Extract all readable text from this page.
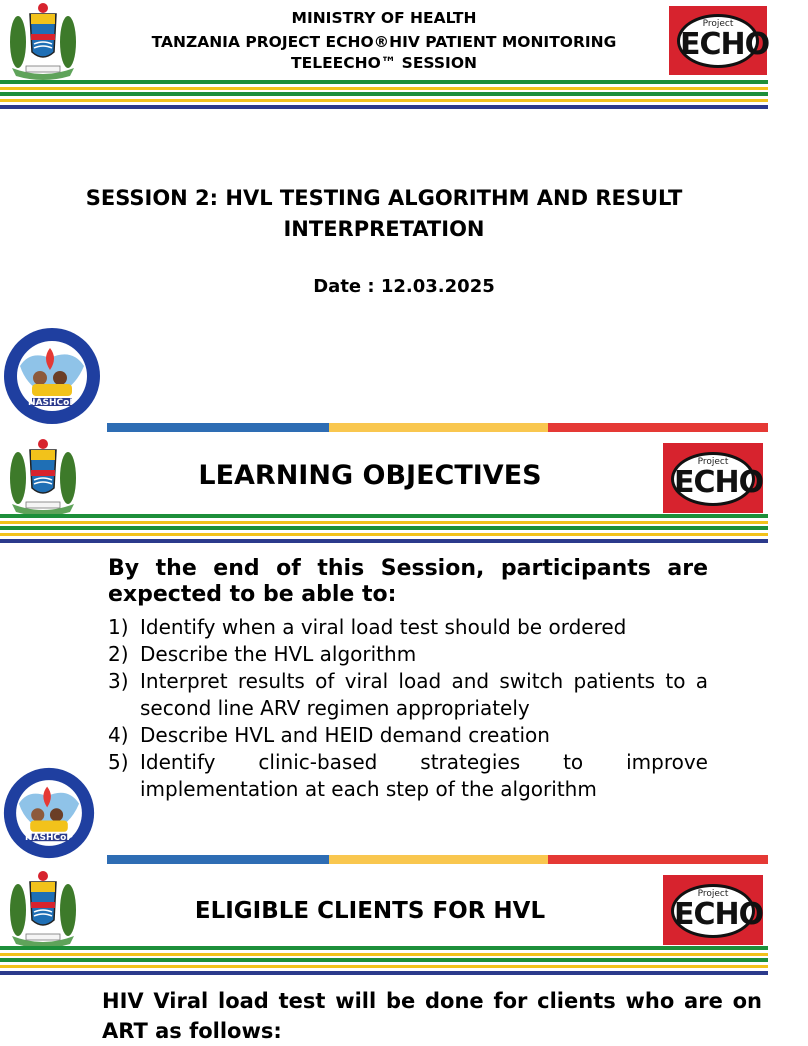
MINISTRY OF HEALTH
TANZANIA PROJECT ECHO®HIV PATIENT MONITORING
TELEECHO™ SESSION
Project
ECHO
SESSION 2: HVL TESTING ALGORITHM AND RESULT
INTERPRETATION
Date : 12.03.2025
NASHCoP
LEARNING OBJECTIVES	Project
ECHO
By the end of this Session, participants are expected to be able to:
1) Identify when a viral load test should be ordered
2) Describe the HVL algorithm
3) Interpret results of viral load and switch patients to a second line ARV regimen appropriately
4) Describe HVL and HEID demand creation
5) Identify clinic-based strategies to improve implementation at each step of the algorithm
NASHCoP
ELIGIBLE CLIENTS FOR HVL
Project
ECHO
HIV Viral load test will be done for clients who are on ART as follows:
